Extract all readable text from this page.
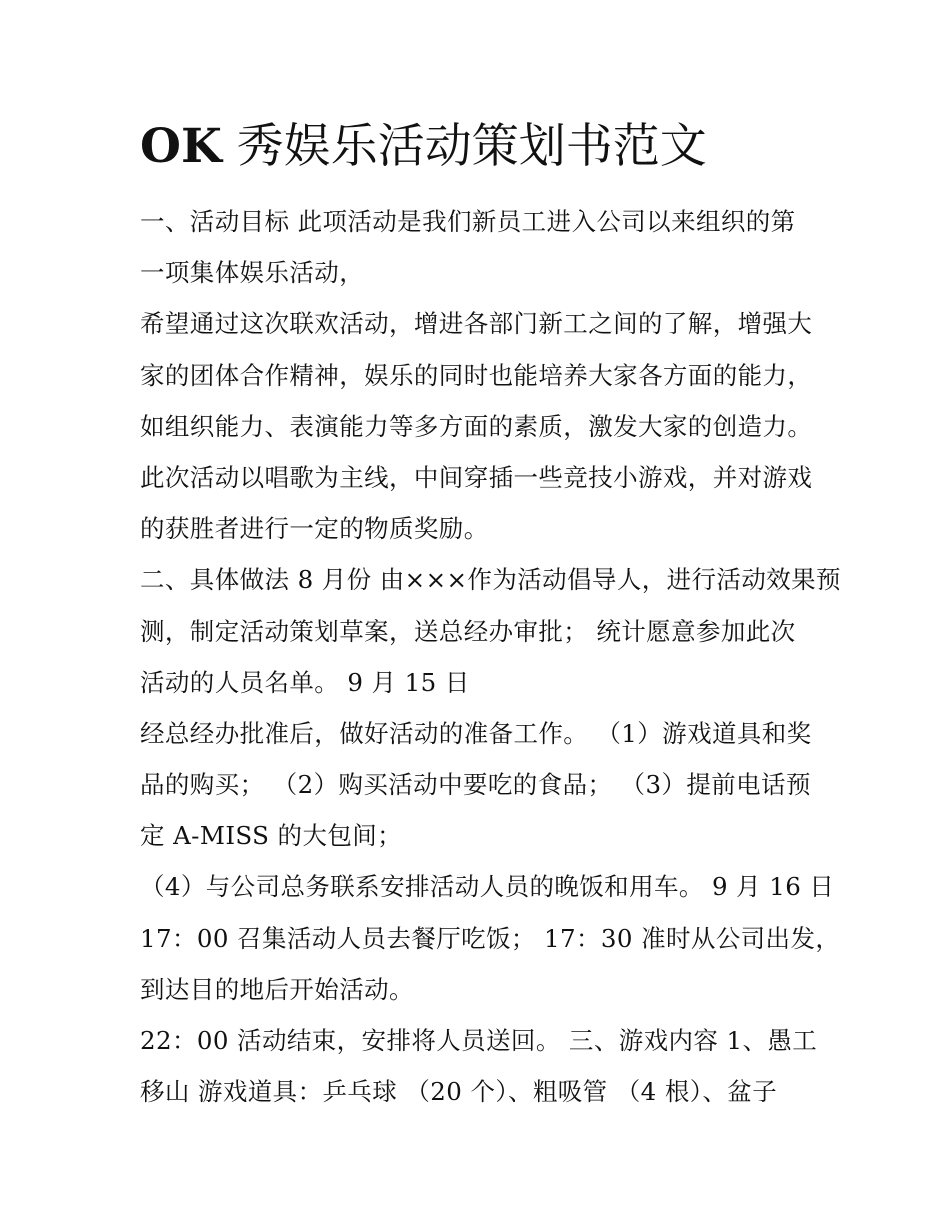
OK 秀娱乐活动策划书范文
一、活动目标 此项活动是我们新员工进入公司以来组织的第
一项集体娱乐活动，
希望通过这次联欢活动，增进各部门新工之间的了解，增强大
家的团体合作精神，娱乐的同时也能培养大家各方面的能力，
如组织能力、表演能力等多方面的素质，激发大家的创造力。
此次活动以唱歌为主线，中间穿插一些竞技小游戏，并对游戏
的获胜者进行一定的物质奖励。
二、具体做法 8 月份 由×××作为活动倡导人，进行活动效果预
测，制定活动策划草案，送总经办审批； 统计愿意参加此次
活动的人员名单。 9 月 15 日
经总经办批准后，做好活动的准备工作。 （1）游戏道具和奖
品的购买； （2）购买活动中要吃的食品； （3）提前电话预
定 A-MISS 的大包间；
（4）与公司总务联系安排活动人员的晚饭和用车。 9 月 16 日
17：00 召集活动人员去餐厅吃饭； 17：30 准时从公司出发，
到达目的地后开始活动。
22：00 活动结束，安排将人员送回。 三、游戏内容 1、愚工
移山 游戏道具：乒乓球 （20 个）、粗吸管 （4 根）、盆子
